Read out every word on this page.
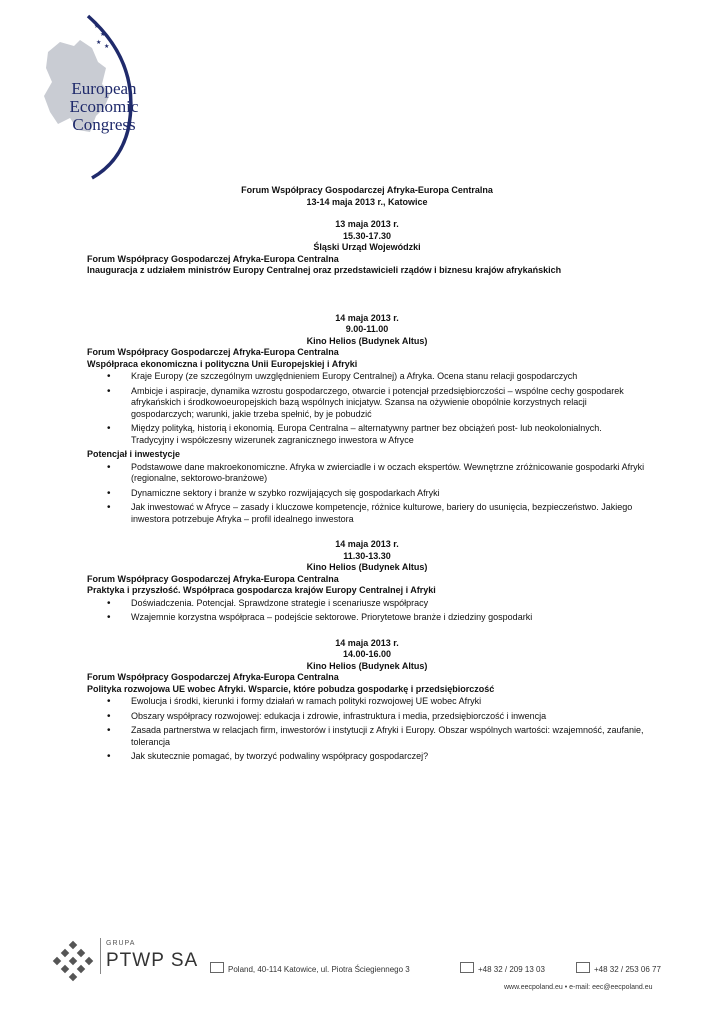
★
★
★
★
European
Economic
Congress
Forum Współpracy Gospodarczej Afryka-Europa Centralna
13-14 maja 2013 r., Katowice
13 maja 2013 r.
15.30-17.30
Śląski Urząd Wojewódzki
Forum Współpracy Gospodarczej Afryka-Europa Centralna
Inauguracja z udziałem ministrów Europy Centralnej oraz przedstawicieli rządów i biznesu krajów afrykańskich
14 maja 2013 r.
9.00-11.00
Kino Helios (Budynek Altus)
Forum Współpracy Gospodarczej Afryka-Europa Centralna
Współpraca ekonomiczna i polityczna Unii Europejskiej i Afryki
• Kraje Europy (ze szczególnym uwzględnieniem Europy Centralnej) a Afryka. Ocena stanu relacji gospodarczych
• Ambicje i aspiracje, dynamika wzrostu gospodarczego, otwarcie i potencjał przedsiębiorczości – wspólne cechy gospodarek afrykańskich i środkowoeuropejskich bazą wspólnych inicjatyw. Szansa na ożywienie obopólnie korzystnych relacji gospodarczych; warunki, jakie trzeba spełnić, by je pobudzić
• Między polityką, historią i ekonomią. Europa Centralna – alternatywny partner bez obciążeń post- lub neokolonialnych. Tradycyjny i współczesny wizerunek zagranicznego inwestora w Afryce
Potencjał i inwestycje
• Podstawowe dane makroekonomiczne. Afryka w zwierciadle i w oczach ekspertów. Wewnętrzne zróżnicowanie gospodarki Afryki (regionalne, sektorowo-branżowe)
• Dynamiczne sektory i branże w szybko rozwijających się gospodarkach Afryki
• Jak inwestować w Afryce – zasady i kluczowe kompetencje, różnice kulturowe, bariery do usunięcia, bezpieczeństwo. Jakiego inwestora potrzebuje Afryka – profil idealnego inwestora
14 maja 2013 r.
11.30-13.30
Kino Helios (Budynek Altus)
Forum Współpracy Gospodarczej Afryka-Europa Centralna
Praktyka i przyszłość. Współpraca gospodarcza krajów Europy Centralnej i Afryki
• Doświadczenia. Potencjał. Sprawdzone strategie i scenariusze współpracy
• Wzajemnie korzystna współpraca – podejście sektorowe. Priorytetowe branże i dziedziny gospodarki
14 maja 2013 r.
14.00-16.00
Kino Helios (Budynek Altus)
Forum Współpracy Gospodarczej Afryka-Europa Centralna
Polityka rozwojowa UE wobec Afryki. Wsparcie, które pobudza gospodarkę i przedsiębiorczość
• Ewolucja i środki, kierunki i formy działań w ramach polityki rozwojowej UE wobec Afryki
• Obszary współpracy rozwojowej: edukacja i zdrowie, infrastruktura i media, przedsiębiorczość i inwencja
• Zasada partnerstwa w relacjach firm, inwestorów i instytucji z Afryki i Europy. Obszar wspólnych wartości: wzajemność, zaufanie, tolerancja
• Jak skutecznie pomagać, by tworzyć podwaliny współpracy gospodarczej?
GRUPA
PTWP SA	Poland, 40-114 Katowice, ul. Piotra Ściegiennego 3	+48 32 / 209 13 03	+48 32 / 253 06 77
www.eecpoland.eu • e-mail: eec@eecpoland.eu
